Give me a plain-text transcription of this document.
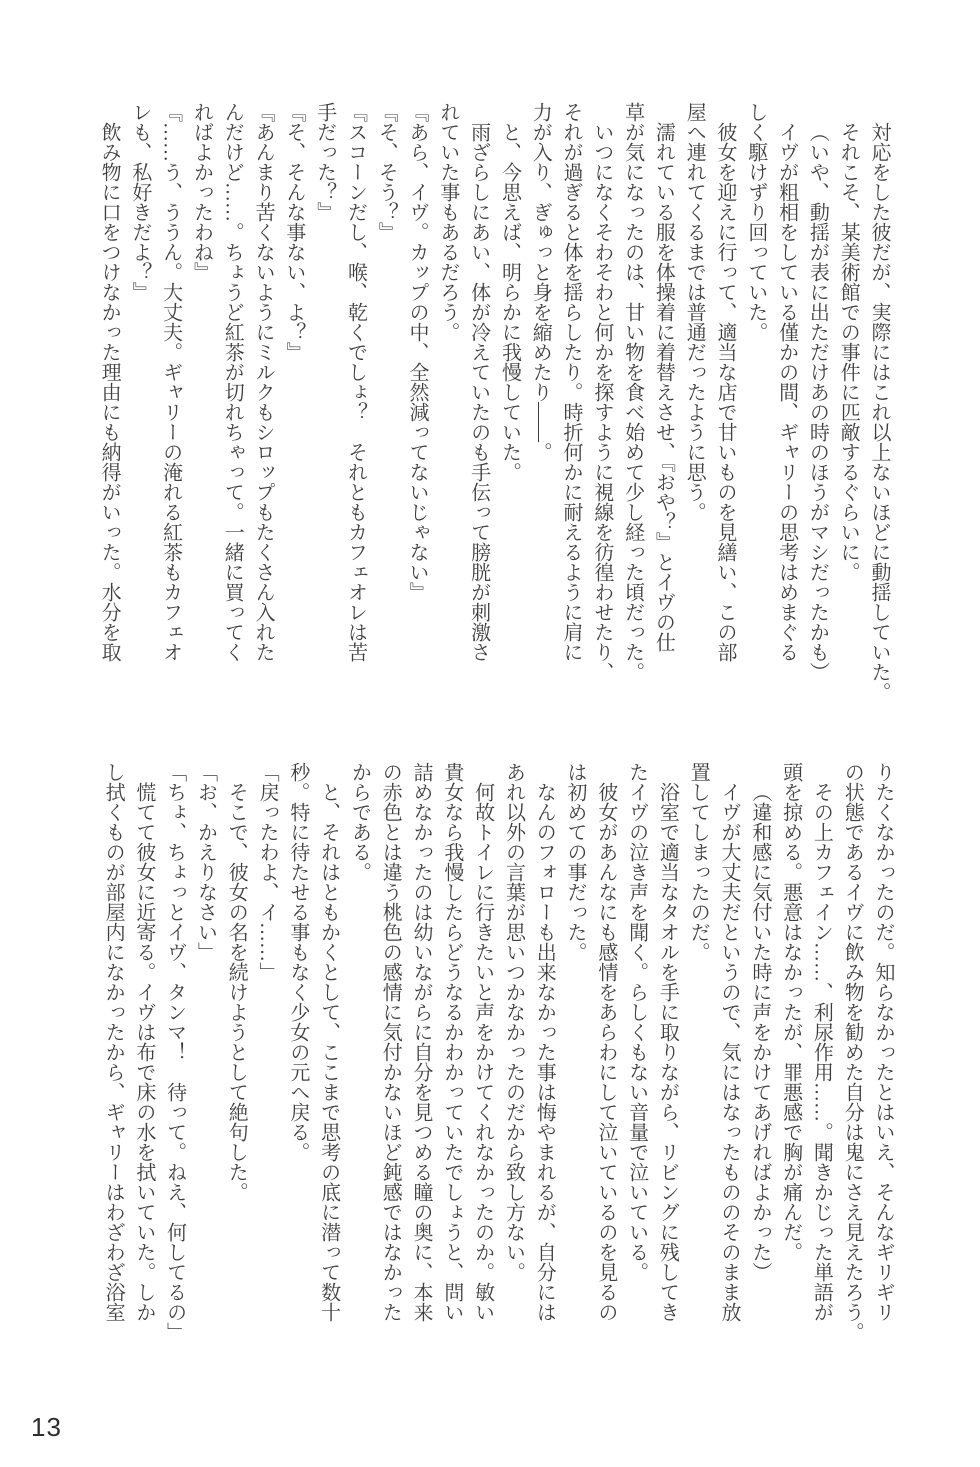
対応をした彼だが、実際にはこれ以上ないほどに動揺していた。

それこそ、某美術館での事件に匹敵するぐらいに。

（いや、動揺が表に出ただけあの時のほうがマシだったかも）

イヴが粗相をしている僅かの間、ギャリーの思考はめまぐる

しく駆けずり回っていた。

彼女を迎えに行って、適当な店で甘いものを見繕い、この部

屋へ連れてくるまでは普通だったように思う。

濡れている服を体操着に着替えさせ、『おや？』とイヴの仕

草が気になったのは、甘い物を食べ始めて少し経った頃だった。

いつになくそわそわと何かを探すように視線を彷徨わせたり、

それが過ぎると体を揺らしたり。時折何かに耐えるように肩に

力が入り、ぎゅっと身を縮めたり――。

と、今思えば、明らかに我慢していた。

雨ざらしにあい、体が冷えていたのも手伝って膀胱が刺激さ

れていた事もあるだろう。

『あら、イヴ。カップの中、全然減ってないじゃない』

『そ、そう？』

『スコーンだし、喉、乾くでしょ？　それともカフェオレは苦

手だった？』

『そ、そんな事ない、よ？』

『あんまり苦くないようにミルクもシロップもたくさん入れた

んだけど……。ちょうど紅茶が切れちゃって。一緒に買ってく

ればよかったわね』

『……う、ううん。大丈夫。ギャリーの淹れる紅茶もカフェオ

レも、私好きだよ？』

飲み物に口をつけなかった理由にも納得がいった。水分を取

りたくなかったのだ。知らなかったとはいえ、そんなギリギリ

の状態であるイヴに飲み物を勧めた自分は鬼にさえ見えたろう。

その上カフェイン……、利尿作用……。聞きかじった単語が

頭を掠める。悪意はなかったが、罪悪感で胸が痛んだ。

（違和感に気付いた時に声をかけてあげればよかった）

イヴが大丈夫だというので、気にはなったもののそのまま放

置してしまったのだ。

浴室で適当なタオルを手に取りながら、リビングに残してき

たイヴの泣き声を聞く。らしくもない音量で泣いている。

彼女があんなにも感情をあらわにして泣いているのを見るの

は初めての事だった。

なんのフォローも出来なかった事は悔やまれるが、自分には

あれ以外の言葉が思いつかなかったのだから致し方ない。

何故トイレに行きたいと声をかけてくれなかったのか。敏い

貴女なら我慢したらどうなるかわかっていたでしょうと、問い

詰めなかったのは幼いながらに自分を見つめる瞳の奥に、本来

の赤色とは違う桃色の感情に気付かないほど鈍感ではなかった

からである。

と、それはともかくとして、ここまで思考の底に潜って数十

秒。特に待たせる事もなく少女の元へ戻る。

「戻ったわよ、イ……」

そこで、彼女の名を続けようとして絶句した。

「お、かえりなさい」

「ちょ、ちょっとイヴ、タンマ！　待って。ねえ、何してるの」

慌てて彼女に近寄る。イヴは布で床の水を拭いていた。しか

し拭くものが部屋内になかったから、ギャリーはわざわざ浴室

13
